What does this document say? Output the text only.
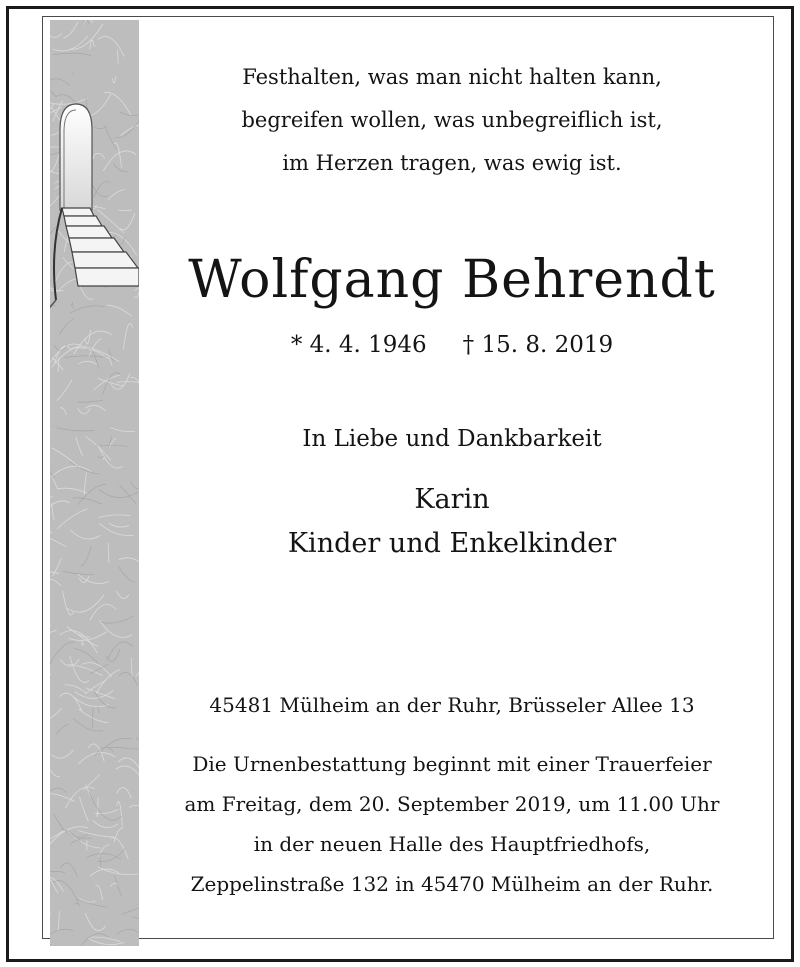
Festhalten, was man nicht halten kann,
begreifen wollen, was unbegreiflich ist,
im Herzen tragen, was ewig ist.
Wolfgang Behrendt
* 4. 4. 1946 † 15. 8. 2019
In Liebe und Dankbarkeit
Karin
Kinder und Enkelkinder
45481 Mülheim an der Ruhr, Brüsseler Allee 13
Die Urnenbestattung beginnt mit einer Trauerfeier
am Freitag, dem 20. September 2019, um 11.00 Uhr
in der neuen Halle des Hauptfriedhofs,
Zeppelinstraße 132 in 45470 Mülheim an der Ruhr.
